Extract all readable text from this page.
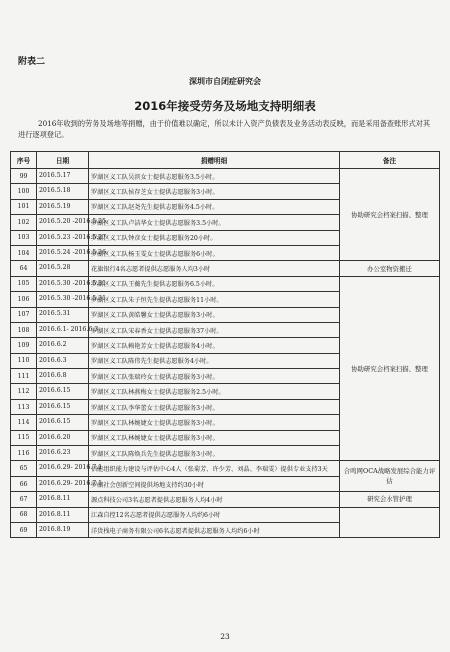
附表二
深圳市自闭症研究会
2016年接受劳务及场地支持明细表
2016年收到的劳务及场地等捐赠，由于价值难以确定，所以未计入资产负债表及业务活动表反映，而是采用备查账形式对其进行逐项登记。
序号	日期	捐赠明细	备注
99	2016.5.17	罗湖区义工队吴滨女士提供志愿服务3.5小时。	协助研究会档案扫描、整理
100	2016.5.18	罗湖区义工队侯存芝女士提供志愿服务3小时。	
101	2016.5.19	罗湖区义工队赵尧先生提供志愿服务4.5小时。	
102	2016.5.20 -2016.5.25	罗湖区义工队卢洁华女士提供志愿服务3.5小时。	
103	2016.5.23 -2016.5.27	罗湖区义工队钟彦女士提供志愿服务20小时。	
104	2016.5.24 -2016.5.26	罗湖区义工队杨玉雯女士提供志愿服务6小时。	
64	2016.5.28	花旗银行4名志愿者提供志愿服务人均3小时	办公室物资搬迁
105	2016.5.30 -2016.5.31	罗湖区义工队王蘅先生提供志愿服务6.5小时。	协助研究会档案扫描、整理
106	2016.5.30 -2016.5.31	罗湖区义工队朱子恒先生提供志愿服务11小时。	
107	2016.5.31	罗湖区义工队黄皓馨女士提供志愿服务3小时。	
108	2016.6.1- 2016.6.3	罗湖区义工队宋春香女士提供志愿服务37小时。	
109	2016.6.2	罗湖区义工队赖艳芳女士提供志愿服务4小时。	
110	2016.6.3	罗湖区义工队陈伟先生提供志愿服务4小时。	
111	2016.6.8	罗湖区义工队张瑞玲女士提供志愿服务3小时。	
112	2016.6.15	罗湖区义工队林燕梅女士提供志愿服务2.5小时。	
113	2016.6.15	罗湖区义工队李华蕾女士提供志愿服务3小时。	
114	2016.6.15	罗湖区义工队林婉婕女士提供志愿服务3小时。	
115	2016.6.20	罗湖区义工队林婉婕女士提供志愿服务3小时。	
116	2016.6.23	罗湖区义工队陈焕兵先生提供志愿服务3小时。	
65	2016.6.29- 2016.7.1	信能组织能力建设与评估中心4人（张菊芳、许少芳、刘晶、李瑞雯）提供专业支持3天	合鸣网OCA战略发展综合能力评估
66	2016.6.29- 2016.7.1	罗湖社会创新空间提供场地支持约30小时	
67	2016.8.11	源点科技公司3名志愿者提供志愿服务人均4小时	研究会水管护理
68	2016.8.11	江森自控12名志愿者提供志愿服务人均约6小时	
69	2016.8.19	洋货栈电子商务有限公司6名志愿者提供志愿服务人均约6小时	
23
